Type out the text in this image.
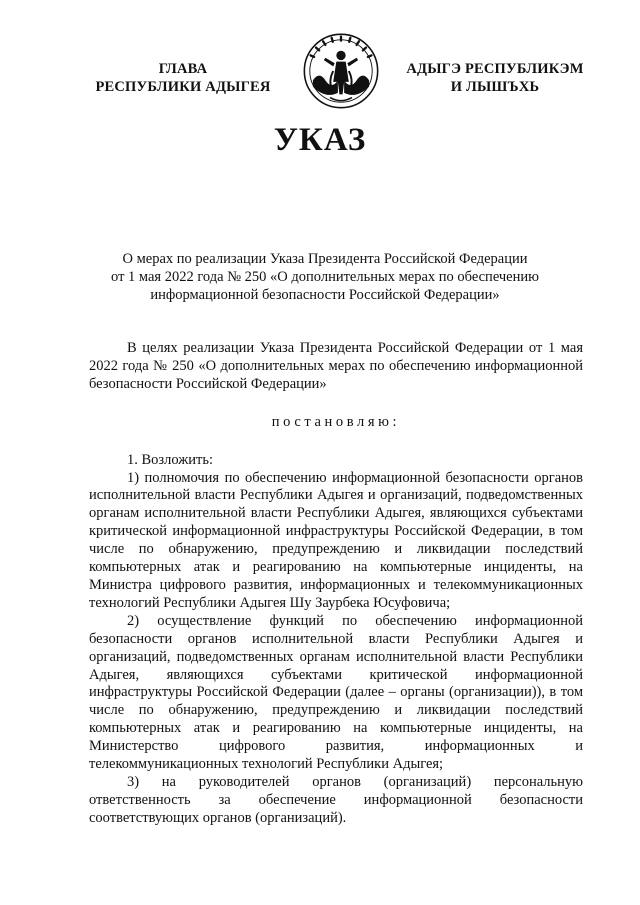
ГЛАВА
РЕСПУБЛИКИ АДЫГЕЯ
АДЫГЭ РЕСПУБЛИКЭМ
И ЛЫШЪХЬ
УКАЗ
О мерах по реализации Указа Президента Российской Федерации
от 1 мая 2022 года № 250 «О дополнительных мерах по обеспечению
информационной безопасности Российской Федерации»

В целях реализации Указа Президента Российской Федерации от 1 мая 2022 года № 250 «О дополнительных мерах по обеспечению информационной безопасности Российской Федерации»

постановляю:

1. Возложить:

1) полномочия по обеспечению информационной безопасности органов исполнительной власти Республики Адыгея и организаций, подведомственных органам исполнительной власти Республики Адыгея, являющихся субъектами критической информационной инфраструктуры Российской Федерации, в том числе по обнаружению, предупреждению и ликвидации последствий компьютерных атак и реагированию на компьютерные инциденты, на Министра цифрового развития, информационных и телекоммуникационных технологий Республики Адыгея Шу Заурбека Юсуфовича;

2) осуществление функций по обеспечению информационной безопасности органов исполнительной власти Республики Адыгея и организаций, подведомственных органам исполнительной власти Республики Адыгея, являющихся субъектами критической информационной инфраструктуры Российской Федерации (далее – органы (организации)), в том числе по обнаружению, предупреждению и ликвидации последствий компьютерных атак и реагированию на компьютерные инциденты, на Министерство цифрового развития, информационных и телекоммуникационных технологий Республики Адыгея;

3) на руководителей органов (организаций) персональную ответственность за обеспечение информационной безопасности соответствующих органов (организаций).
